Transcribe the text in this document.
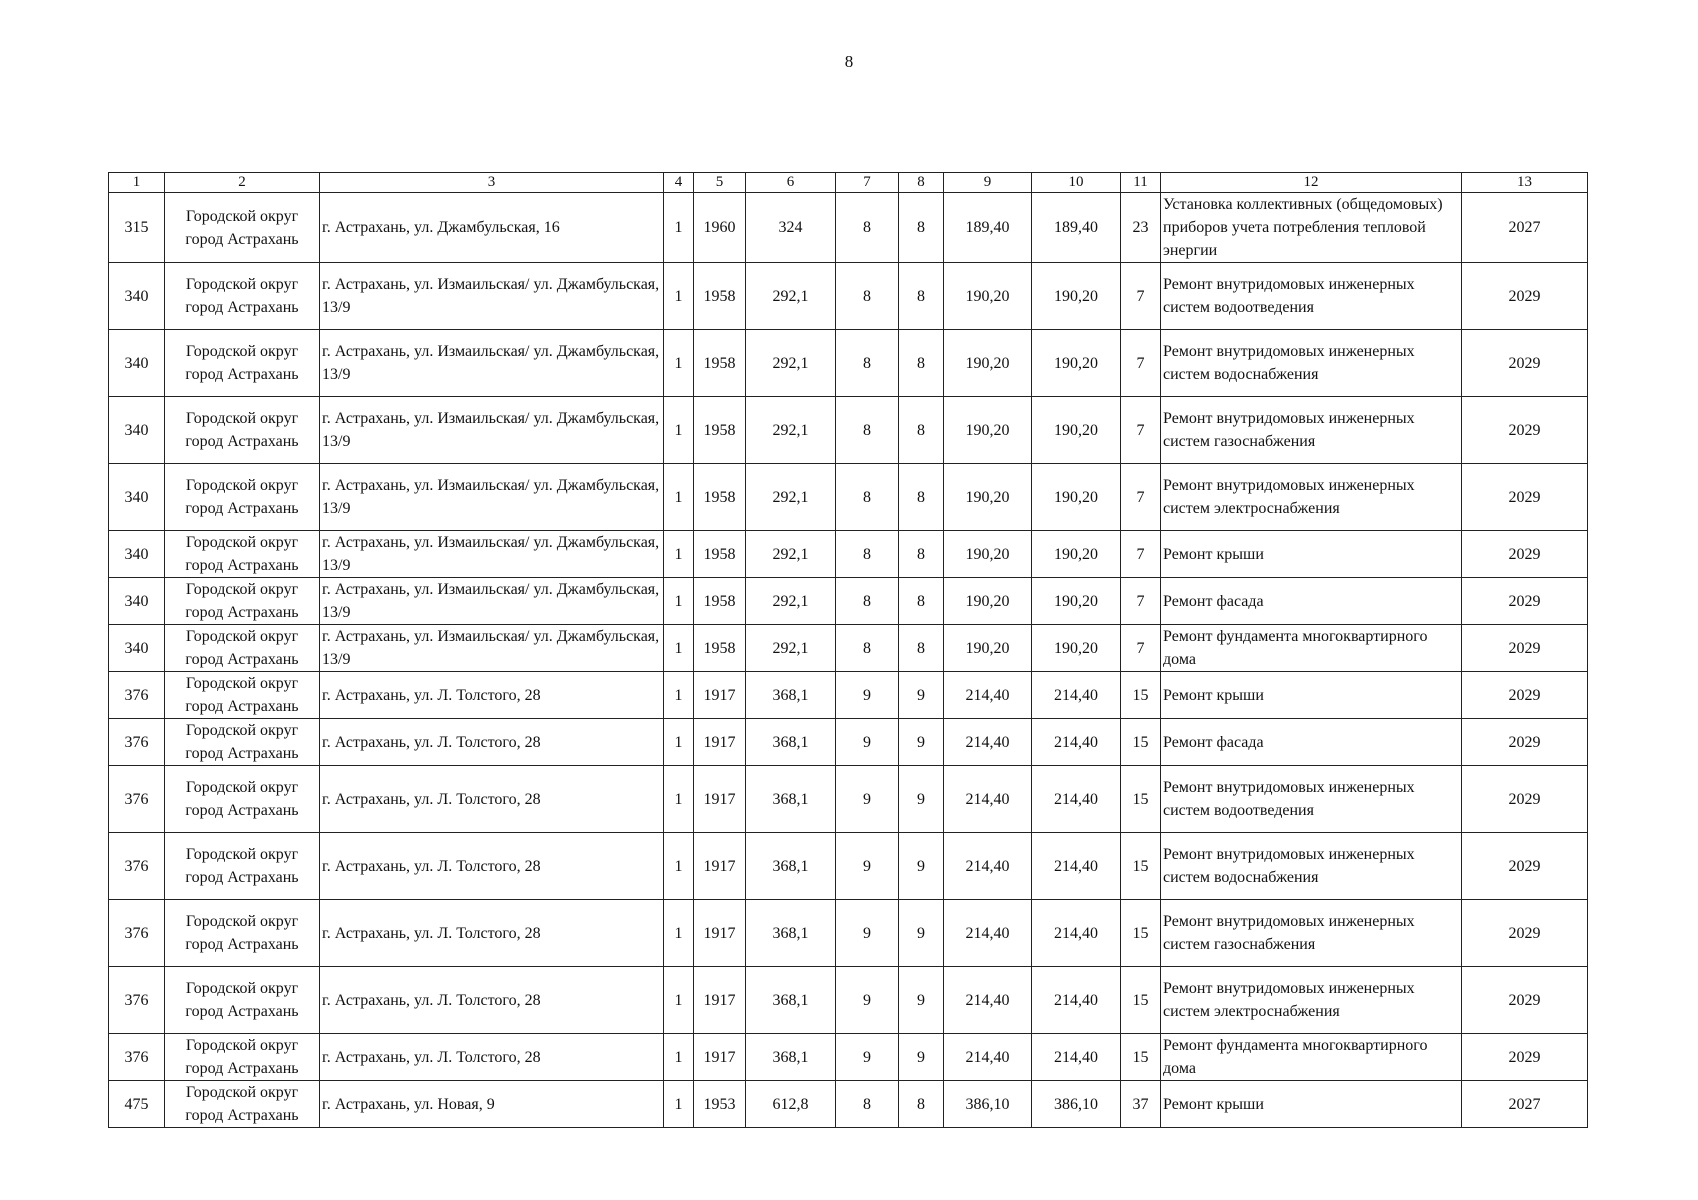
8
1	2	3	4	5	6	7	8	9	10	11	12	13
315	Городской округ город Астрахань	г. Астрахань, ул. Джамбульская, 16	1	1960	324	8	8	189,40	189,40	23	Установка коллективных (общедомовых) приборов учета потребления тепловой энергии	2027
340	Городской округ город Астрахань	г. Астрахань, ул. Измаильская/ ул. Джамбульская, 13/9	1	1958	292,1	8	8	190,20	190,20	7	Ремонт внутридомовых инженерных систем водоотведения	2029
340	Городской округ город Астрахань	г. Астрахань, ул. Измаильская/ ул. Джамбульская, 13/9	1	1958	292,1	8	8	190,20	190,20	7	Ремонт внутридомовых инженерных систем водоснабжения	2029
340	Городской округ город Астрахань	г. Астрахань, ул. Измаильская/ ул. Джамбульская, 13/9	1	1958	292,1	8	8	190,20	190,20	7	Ремонт внутридомовых инженерных систем газоснабжения	2029
340	Городской округ город Астрахань	г. Астрахань, ул. Измаильская/ ул. Джамбульская, 13/9	1	1958	292,1	8	8	190,20	190,20	7	Ремонт внутридомовых инженерных систем электроснабжения	2029
340	Городской округ город Астрахань	г. Астрахань, ул. Измаильская/ ул. Джамбульская, 13/9	1	1958	292,1	8	8	190,20	190,20	7	Ремонт крыши	2029
340	Городской округ город Астрахань	г. Астрахань, ул. Измаильская/ ул. Джамбульская, 13/9	1	1958	292,1	8	8	190,20	190,20	7	Ремонт фасада	2029
340	Городской округ город Астрахань	г. Астрахань, ул. Измаильская/ ул. Джамбульская, 13/9	1	1958	292,1	8	8	190,20	190,20	7	Ремонт фундамента многоквартирного дома	2029
376	Городской округ город Астрахань	г. Астрахань, ул. Л. Толстого, 28	1	1917	368,1	9	9	214,40	214,40	15	Ремонт крыши	2029
376	Городской округ город Астрахань	г. Астрахань, ул. Л. Толстого, 28	1	1917	368,1	9	9	214,40	214,40	15	Ремонт фасада	2029
376	Городской округ город Астрахань	г. Астрахань, ул. Л. Толстого, 28	1	1917	368,1	9	9	214,40	214,40	15	Ремонт внутридомовых инженерных систем водоотведения	2029
376	Городской округ город Астрахань	г. Астрахань, ул. Л. Толстого, 28	1	1917	368,1	9	9	214,40	214,40	15	Ремонт внутридомовых инженерных систем водоснабжения	2029
376	Городской округ город Астрахань	г. Астрахань, ул. Л. Толстого, 28	1	1917	368,1	9	9	214,40	214,40	15	Ремонт внутридомовых инженерных систем газоснабжения	2029
376	Городской округ город Астрахань	г. Астрахань, ул. Л. Толстого, 28	1	1917	368,1	9	9	214,40	214,40	15	Ремонт внутридомовых инженерных систем электроснабжения	2029
376	Городской округ город Астрахань	г. Астрахань, ул. Л. Толстого, 28	1	1917	368,1	9	9	214,40	214,40	15	Ремонт фундамента многоквартирного дома	2029
475	Городской округ город Астрахань	г. Астрахань, ул. Новая, 9	1	1953	612,8	8	8	386,10	386,10	37	Ремонт крыши	2027
